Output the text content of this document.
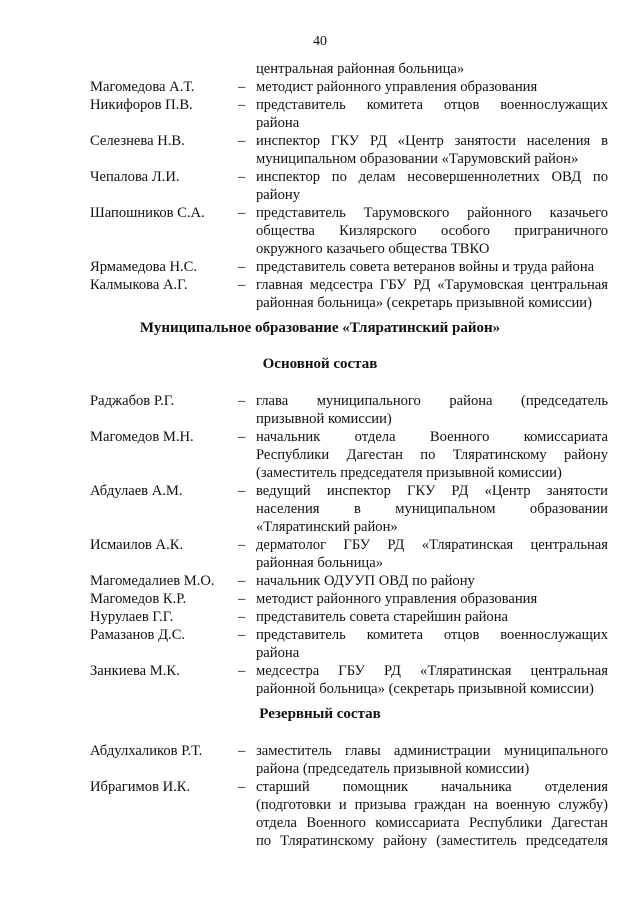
40
центральная районная больница»
Магомедова А.Т.	– методист районного управления образования
Никифоров П.В.	– представитель комитета отцов военнослужащих
района
Селезнева Н.В.	– инспектор ГКУ РД «Центр занятости населения в
муниципальном образовании «Тарумовский район»
Чепалова Л.И.	– инспектор по делам несовершеннолетних ОВД по
району
Шапошников С.А. – представитель Тарумовского районного казачьего
общества Кизлярского особого приграничного
окружного казачьего общества ТВКО
Ярмамедова Н.С.	– представитель совета ветеранов войны и труда района
Калмыкова А.Г.	– главная медсестра ГБУ РД «Тарумовская центральная
районная больница» (секретарь призывной комиссии)
Муниципальное образование «Тляратинский район»
Основной состав
Раджабов Р.Г.	– глава муниципального района (председатель
призывной комиссии)
Магомедов М.Н.	– начальник отдела Военного комиссариата
Республики Дагестан по Тляратинскому району
(заместитель председателя призывной комиссии)
Абдулаев А.М.	– ведущий инспектор ГКУ РД «Центр занятости
населения в муниципальном образовании
«Тляратинский район»
Исмаилов А.К.	– дерматолог ГБУ РД «Тляратинская центральная
районная больница»
Магомедалиев М.О. – начальник ОДУУП ОВД по району
Магомедов К.Р.	– методист районного управления образования
Нурулаев Г.Г.	– представитель совета старейшин района
Рамазанов Д.С.	– представитель комитета отцов военнослужащих
района
Занкиева М.К.	– медсестра ГБУ РД «Тляратинская центральная
районной больница» (секретарь призывной комиссии)
Резервный состав
Абдулхаликов Р.Т. – заместитель главы администрации муниципального
района (председатель призывной комиссии)
Ибрагимов И.К.	– старший помощник начальника отделения
(подготовки и призыва граждан на военную службу)
отдела Военного комиссариата Республики Дагестан
по Тляратинскому району (заместитель председателя
